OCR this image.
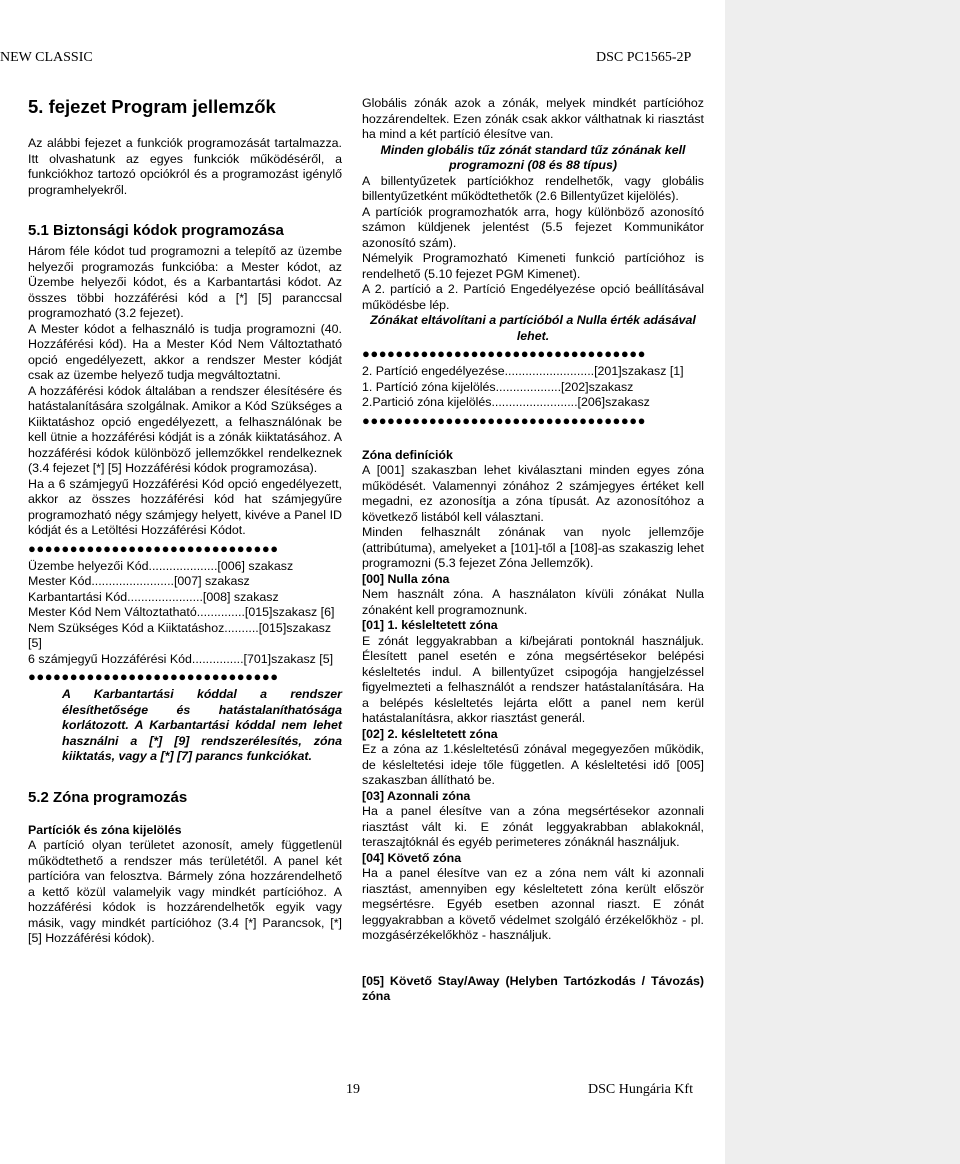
NEW CLASSIC	DSC PC1565-2P
5. fejezet Program jellemzők

Az alábbi fejezet a funkciók programozását tartalmazza. Itt olvashatunk az egyes funkciók működéséről, a funkciókhoz tartozó opciókról és a programozást igénylő programhelyekről.

5.1 Biztonsági kódok programozása

Három féle kódot tud programozni a telepítő az üzembe helyezői programozás funkcióba: a Mester kódot, az Üzembe helyezői kódot, és a Karbantartási kódot. Az összes többi hozzáférési kód a [*] [5] paranccsal programozható (3.2 fejezet).

A Mester kódot a felhasználó is tudja programozni (40. Hozzáférési kód). Ha a Mester Kód Nem Változtatható opció engedélyezett, akkor a rendszer Mester kódját csak az üzembe helyező tudja megváltoztatni.

A hozzáférési kódok általában a rendszer élesítésére és hatástalanítására szolgálnak. Amikor a Kód Szükséges a Kiiktatáshoz opció engedélyezett, a felhasználónak be kell ütnie a hozzáférési kódját is a zónák kiiktatásához. A hozzáférési kódok különböző jellemzőkkel rendelkeznek (3.4 fejezet [*] [5] Hozzáférési kódok programozása).

Ha a 6 számjegyű Hozzáférési Kód opció engedélyezett, akkor az összes hozzáférési kód hat számjegyűre programozható négy számjegy helyett, kivéve a Panel ID kódját és a Letöltési Hozzáférési Kódot.

●●●●●●●●●●●●●●●●●●●●●●●●●●●●●●
Üzembe helyezői Kód....................[006] szakasz
Mester Kód........................[007] szakasz
Karbantartási Kód......................[008] szakasz
Mester Kód Nem Változtatható..............[015]szakasz [6]
Nem Szükséges Kód a Kiiktatáshoz..........[015]szakasz [5]
6 számjegyű Hozzáférési Kód...............[701]szakasz [5]
●●●●●●●●●●●●●●●●●●●●●●●●●●●●●●

A Karbantartási kóddal a rendszer élesíthetősége és hatástalaníthatósága korlátozott. A Karbantartási kóddal nem lehet használni a [*] [9] rendszerélesítés, zóna kiiktatás, vagy a [*] [7] parancs funkciókat.

5.2 Zóna programozás
Partíciók és zóna kijelölés

A partíció olyan területet azonosít, amely függetlenül működtethető a rendszer más területétől. A panel két partícióra van felosztva. Bármely zóna hozzárendelhető a kettő közül valamelyik vagy mindkét partícióhoz. A hozzáférési kódok is hozzárendelhetők egyik vagy másik, vagy mindkét partícióhoz (3.4 [*] Parancsok, [*] [5] Hozzáférési kódok).

Globális zónák azok a zónák, melyek mindkét partícióhoz hozzárendeltek. Ezen zónák csak akkor válthatnak ki riasztást ha mind a két partíció élesítve van.

Minden globális tűz zónát standard tűz zónának kell programozni (08 és 88 típus)

A billentyűzetek partíciókhoz rendelhetők, vagy globális billentyűzetként működtethetők (2.6 Billentyűzet kijelölés).

A partíciók programozhatók arra, hogy különböző azonosító számon küldjenek jelentést (5.5 fejezet Kommunikátor azonosító szám).

Némelyik Programozható Kimeneti funkció partícióhoz is rendelhető (5.10 fejezet PGM Kimenet).

A 2. partíció a 2. Partíció Engedélyezése opció beállításával működésbe lép.

Zónákat eltávolítani a partícióból a Nulla érték adásával lehet.

●●●●●●●●●●●●●●●●●●●●●●●●●●●●●●●●●●
2. Partíció engedélyezése..........................[201]szakasz [1]
1. Partíció zóna kijelölés...................[202]szakasz
2.Partició zóna kijelölés.........................[206]szakasz
●●●●●●●●●●●●●●●●●●●●●●●●●●●●●●●●●●
Zóna definíciók

A [001] szakaszban lehet kiválasztani minden egyes zóna működését. Valamennyi zónához 2 számjegyes értéket kell megadni, ez azonosítja a zóna típusát. Az azonosítóhoz a következő listából kell választani.

Minden felhasznált zónának van nyolc jellemzője (attribútuma), amelyeket a [101]-től a [108]-as szakaszig lehet programozni (5.3 fejezet Zóna Jellemzők).

[00] Nulla zóna

Nem használt zóna. A használaton kívüli zónákat Nulla zónaként kell programoznunk.

[01] 1. késleltetett zóna

E zónát leggyakrabban a ki/bejárati pontoknál használjuk. Élesített panel esetén e zóna megsértésekor belépési késleltetés indul. A billentyűzet csipogója hangjelzéssel figyelmezteti a felhasználót a rendszer hatástalanítására. Ha a belépés késleltetés lejárta előtt a panel nem kerül hatástalanításra, akkor riasztást generál.

[02] 2. késleltetett zóna

Ez a zóna az 1.késleltetésű zónával megegyezően működik, de késleltetési ideje tőle független. A késleltetési idő [005] szakaszban állítható be.

[03] Azonnali zóna

Ha a panel élesítve van a zóna megsértésekor azonnali riasztást vált ki. E zónát leggyakrabban ablakoknál, teraszajtóknál és egyéb perimeteres zónáknál használjuk.

[04] Követő zóna

Ha a panel élesítve van ez a zóna nem vált ki azonnali riasztást, amennyiben egy késleltetett zóna került először megsértésre. Egyéb esetben azonnal riaszt. E zónát leggyakrabban a követő védelmet szolgáló érzékelőkhöz - pl. mozgásérzékelőkhöz - használjuk.

[05] Követő Stay/Away (Helyben Tartózkodás / Távozás) zóna

19	DSC Hungária Kft
